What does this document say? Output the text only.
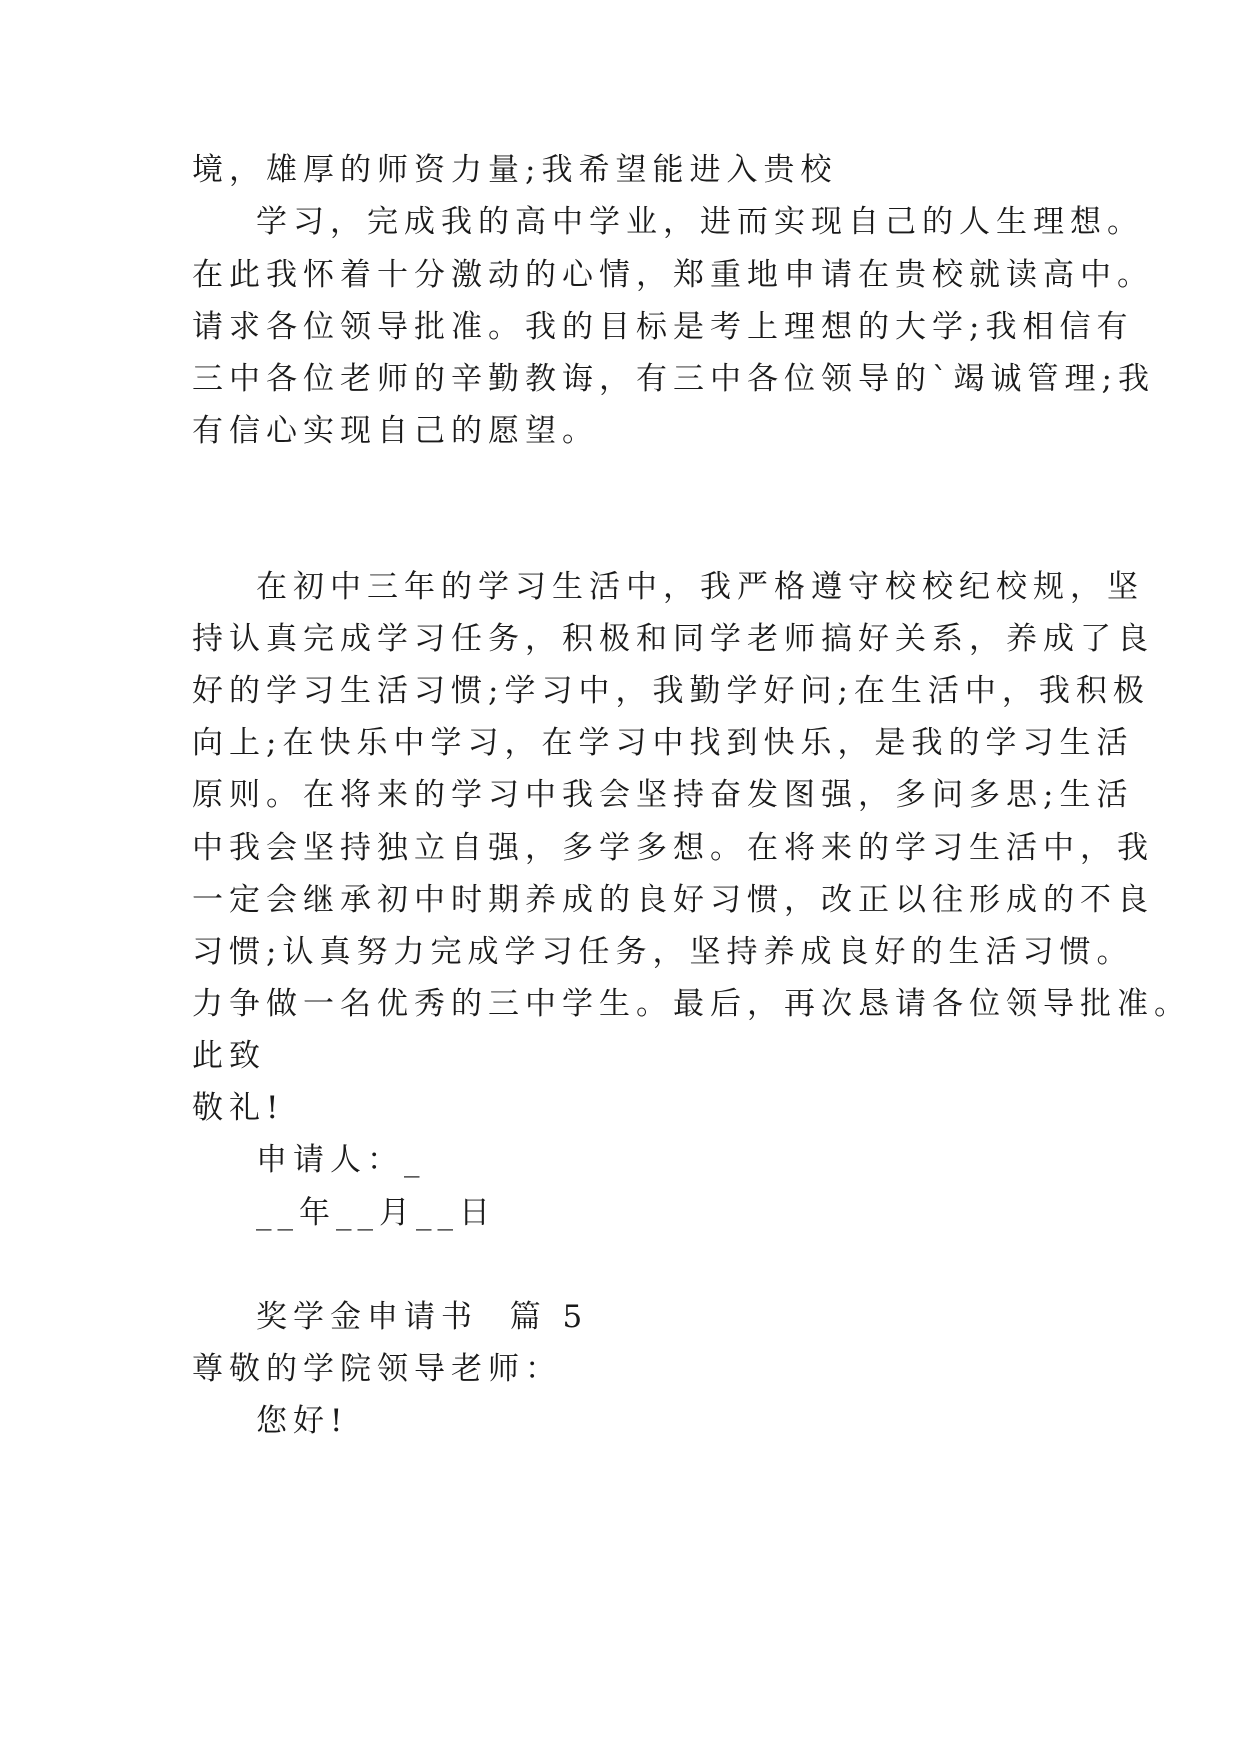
境，雄厚的师资力量;我希望能进入贵校
学习，完成我的高中学业，进而实现自己的人生理想。
在此我怀着十分激动的心情，郑重地申请在贵校就读高中。
请求各位领导批准。我的目标是考上理想的大学;我相信有
三中各位老师的辛勤教诲，有三中各位领导的`竭诚管理;我
有信心实现自己的愿望。
在初中三年的学习生活中，我严格遵守校校纪校规，坚
持认真完成学习任务，积极和同学老师搞好关系，养成了良
好的学习生活习惯;学习中，我勤学好问;在生活中，我积极
向上;在快乐中学习，在学习中找到快乐，是我的学习生活
原则。在将来的学习中我会坚持奋发图强，多问多思;生活
中我会坚持独立自强，多学多想。在将来的学习生活中，我
一定会继承初中时期养成的良好习惯，改正以往形成的不良
习惯;认真努力完成学习任务，坚持养成良好的生活习惯。
力争做一名优秀的三中学生。最后，再次恳请各位领导批准。
此致
敬礼!
申请人：_
__年__月__日
奖学金申请书  篇 5
尊敬的学院领导老师：
您好!
